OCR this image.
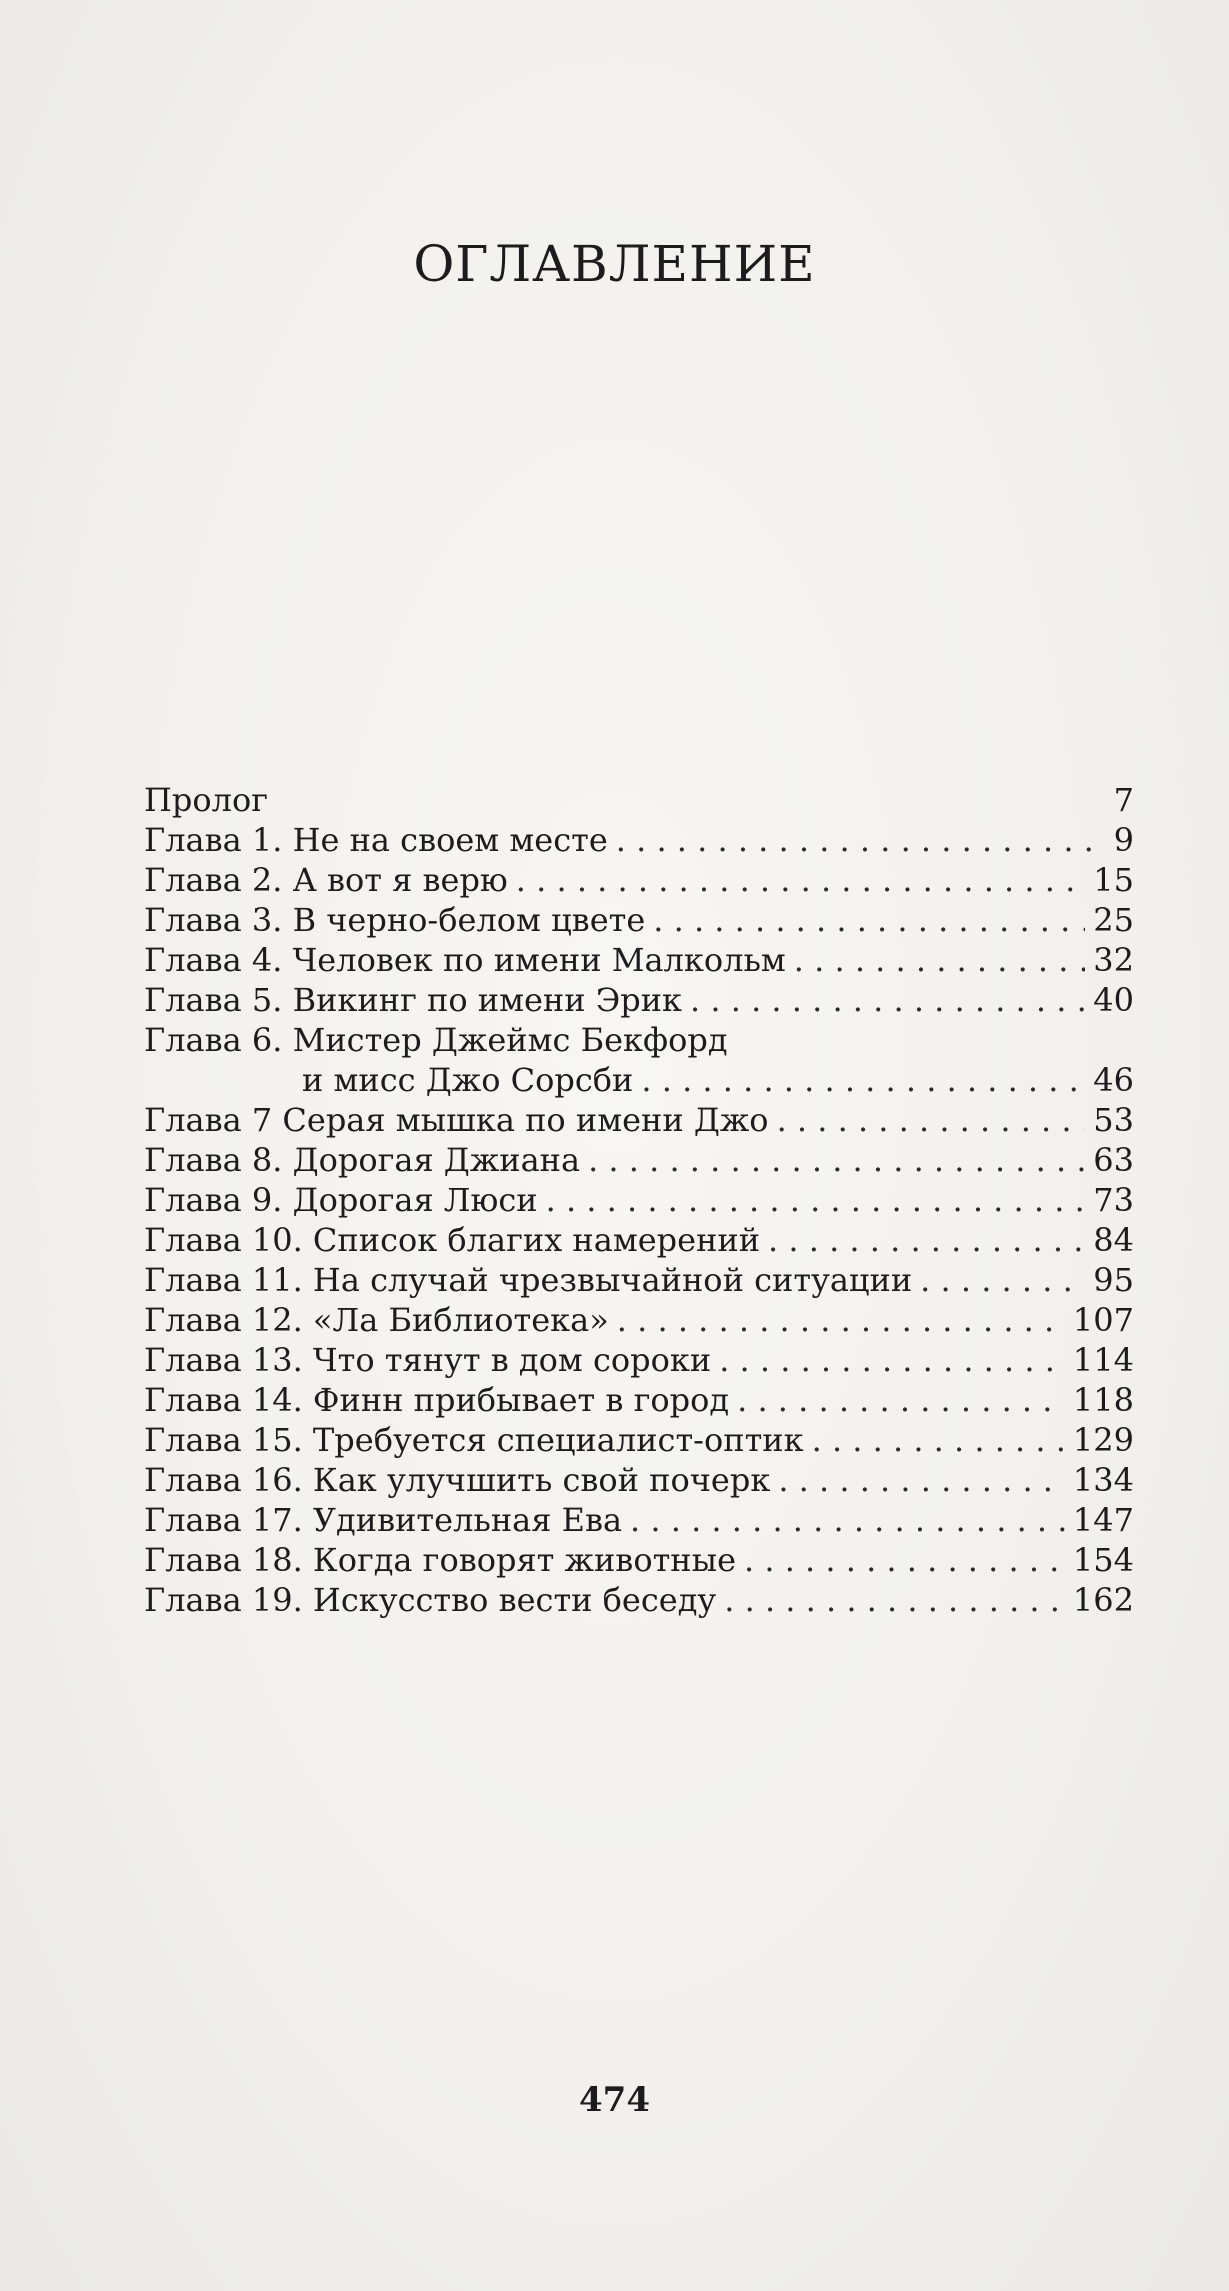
ОГЛАВЛЕНИЕ
Пролог	7
Глава 1. Не на своем месте . . .	9
Глава 2. А вот я верю . . .	15
Глава 3. В черно-белом цвете . . .	25
Глава 4. Человек по имени Малкольм . . .	32
Глава 5. Викинг по имени Эрик . . .	40
Глава 6. Мистер Джеймс Бекфорд
и мисс Джо Сорсби . . .	46
Глава 7 Серая мышка по имени Джо . . .	53
Глава 8. Дорогая Джиана . . .	63
Глава 9. Дорогая Люси . . .	73
Глава 10. Список благих намерений . . .	84
Глава 11. На случай чрезвычайной ситуации . . .	95
Глава 12. «Ла Библиотека» . . .	107
Глава 13. Что тянут в дом сороки . . .	114
Глава 14. Финн прибывает в город . . .	118
Глава 15. Требуется специалист-оптик . . .	129
Глава 16. Как улучшить свой почерк . . .	134
Глава 17. Удивительная Ева . . .	147
Глава 18. Когда говорят животные . . .	154
Глава 19. Искусство вести беседу . . .	162
474
